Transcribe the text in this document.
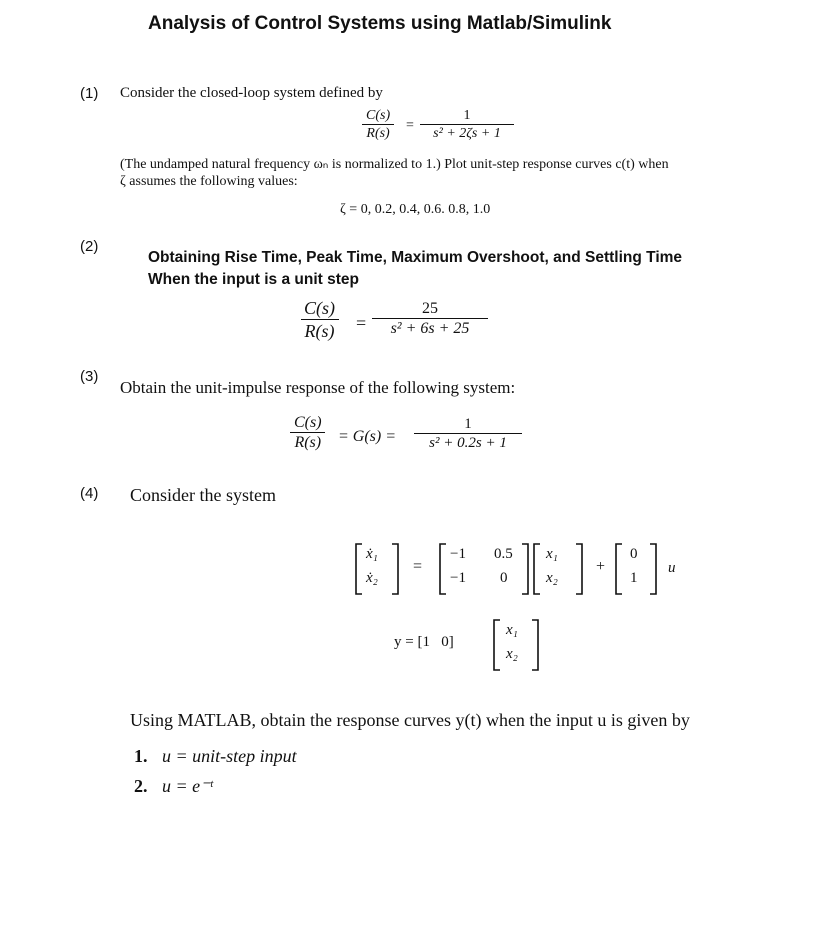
Analysis of Control Systems using Matlab/Simulink
(1) Consider the closed-loop system defined by
$\frac{C(s)}{R(s)} = \frac{1}{\text{s² + 2ζs + 1}}$
(The undamped natural frequency ωₙ is normalized to 1.) Plot unit-step response curves c(t) when
ζ assumes the following values:
ζ = 0, 0.2, 0.4, 0.6. 0.8, 1.0
(2)
Obtaining Rise Time, Peak Time, Maximum Overshoot, and Settling Time
When the input is a unit step
$\frac{C(s)}{R(s)} = \frac{25}{\text{s² + 6s + 25}}$
(3)
Obtain the unit-impulse response of the following system:
$\frac{C(s)}{R(s)} = G(s) = \frac{1}{\text{s² + 0.2s + 1}}$
(4) Consider the system
ẋ₁
ẋ₂
=
−1 0.5
−1 0
x₁
x₂
+
0
1
u
y = [1   0]
x₁
x₂
Using MATLAB, obtain the response curves y(t) when the input u is given by
1. u = unit-step input
2. u = e⁻ᵗ
